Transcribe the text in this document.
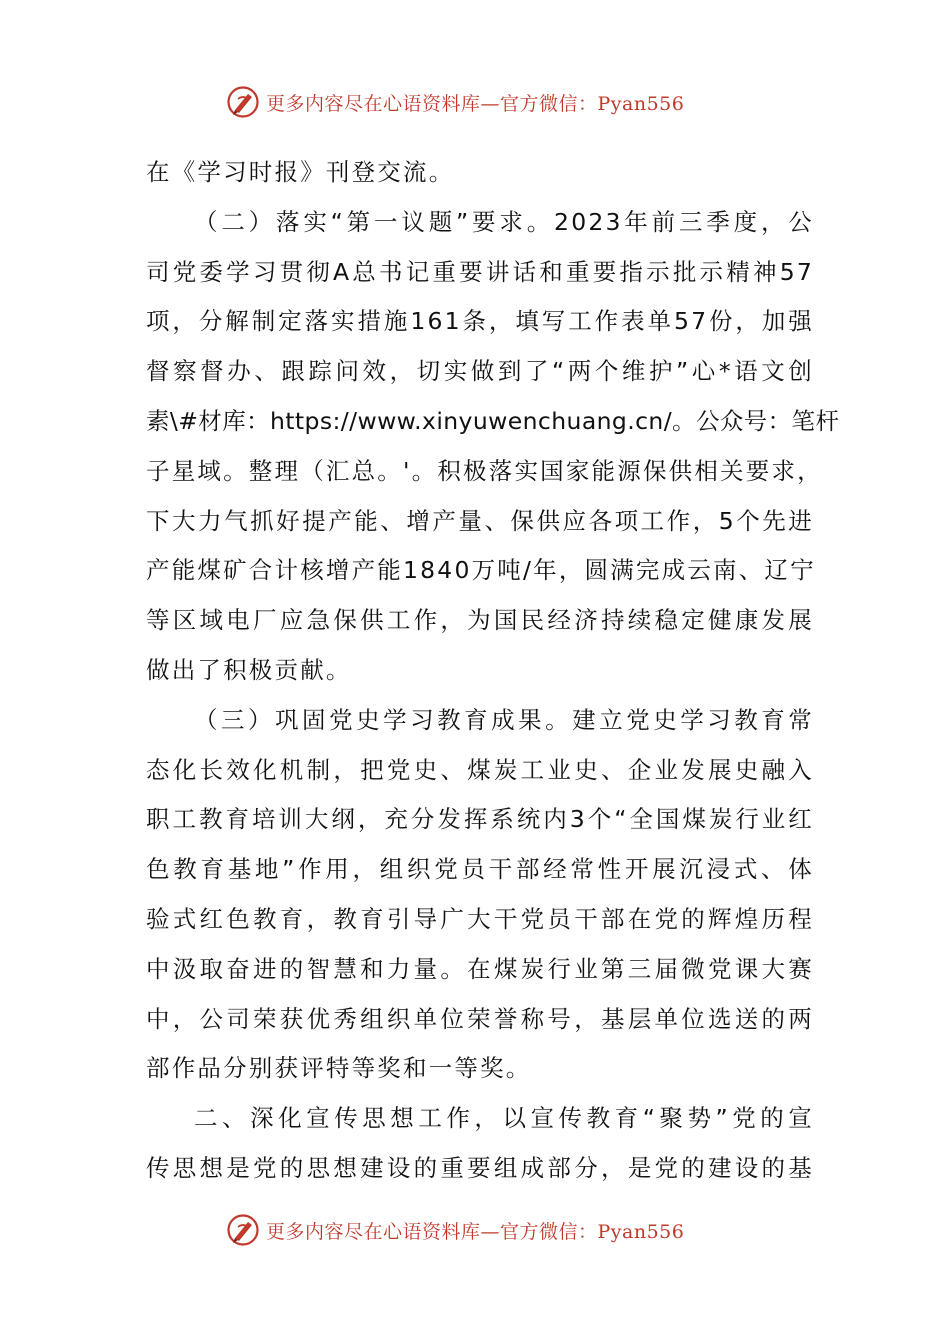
更多内容尽在心语资料库—官方微信：Pyan556
在《学习时报》刊登交流。
（二）落实“第一议题”要求。2023年前三季度，公
司党委学习贯彻A总书记重要讲话和重要指示批示精神57
项，分解制定落实措施161条，填写工作表单57份，加强
督察督办、跟踪问效，切实做到了“两个维护”心*语文创
素\#材库：https://www.xinyuwenchuang.cn/。公众号：笔杆
子星域。整理（汇总。'。积极落实国家能源保供相关要求，
下大力气抓好提产能、增产量、保供应各项工作，5个先进
产能煤矿合计核增产能1840万吨/年，圆满完成云南、辽宁
等区域电厂应急保供工作，为国民经济持续稳定健康发展
做出了积极贡献。
（三）巩固党史学习教育成果。建立党史学习教育常
态化长效化机制，把党史、煤炭工业史、企业发展史融入
职工教育培训大纲，充分发挥系统内3个“全国煤炭行业红
色教育基地”作用，组织党员干部经常性开展沉浸式、体
验式红色教育，教育引导广大干党员干部在党的辉煌历程
中汲取奋进的智慧和力量。在煤炭行业第三届微党课大赛
中，公司荣获优秀组织单位荣誉称号，基层单位选送的两
部作品分别获评特等奖和一等奖。
二、深化宣传思想工作，以宣传教育“聚势”党的宣
传思想是党的思想建设的重要组成部分，是党的建设的基
更多内容尽在心语资料库—官方微信：Pyan556
